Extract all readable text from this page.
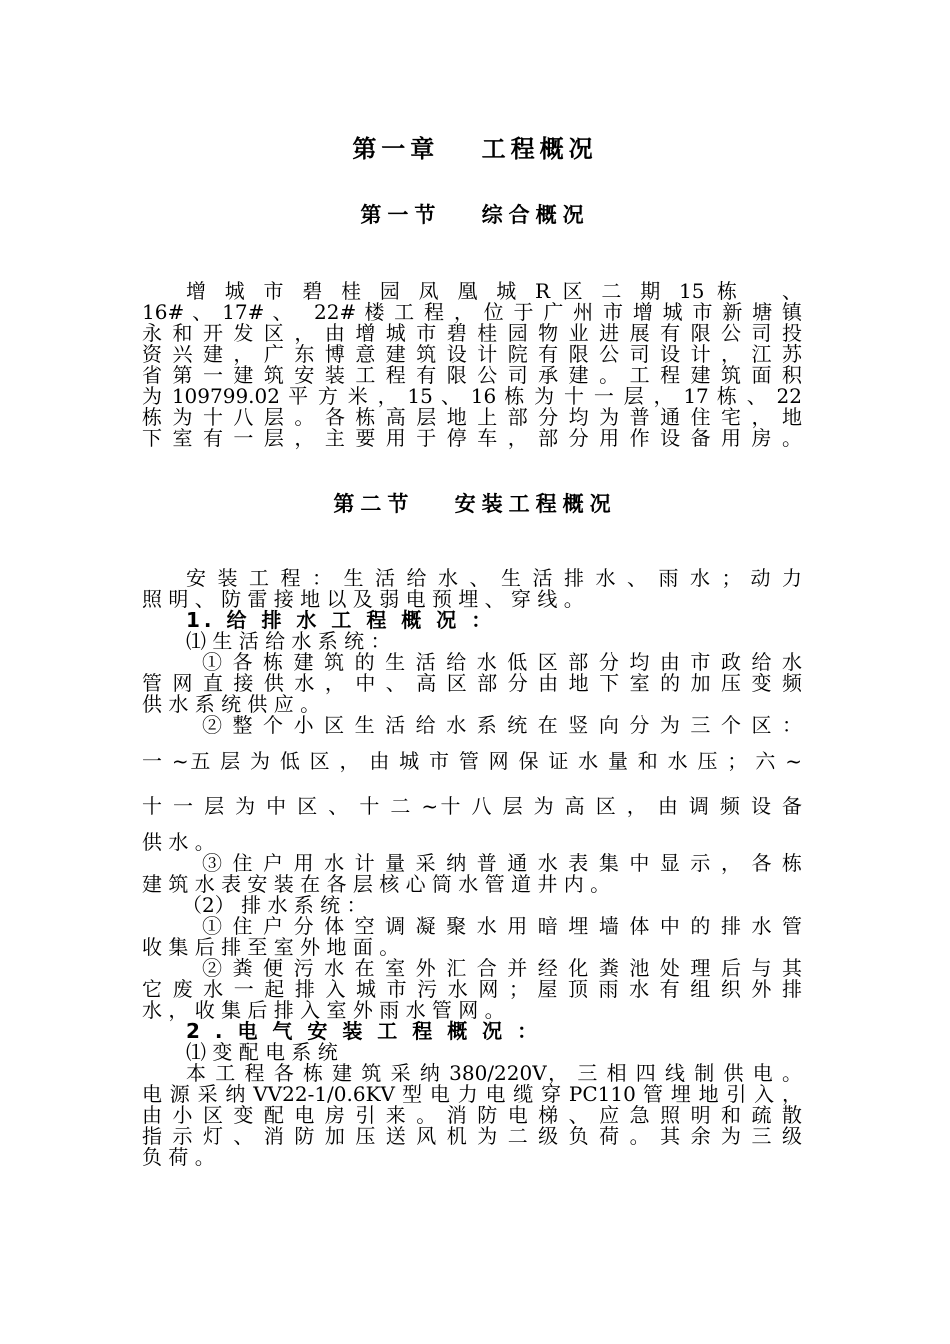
第一章　 工程概况
第一节　 综合概况
增 城 市 碧 桂 园 凤 凰 城 R 区 二 期 15 栋　 、
16# 、 17# 、　 22# 楼 工 程 ， 位 于 广 州 市 增 城 市 新 塘 镇
永 和 开 发 区 ， 由 增 城 市 碧 桂 园 物 业 进 展 有 限 公 司 投
资 兴 建 ， 广 东 博 意 建 筑 设 计 院 有 限 公 司 设 计 ， 江 苏
省 第 一 建 筑 安 装 工 程 有 限 公 司 承 建 。 工 程 建 筑 面 积
为 109799.02 平 方 米 ， 15 、 16 栋 为 十 一 层 ， 17 栋 、 22
栋 为 十 八 层 。 各 栋 高 层 地 上 部 分 均 为 普 通 住 宅 ， 地
下 室 有 一 层 ， 主 要 用 于 停 车 ， 部 分 用 作 设 备 用 房 。
第二节　 安装工程概况
安 装 工 程 ： 生 活 给 水 、 生 活 排 水 、 雨 水 ； 动 力
照 明 、 防 雷 接 地 以 及 弱 电 预 埋 、 穿 线 。
1. 给 排 水 工 程 概 况 ：
⑴ 生 活 给 水 系 统 ：
① 各 栋 建 筑 的 生 活 给 水 低 区 部 分 均 由 市 政 给 水
管 网 直 接 供 水 ， 中 、 高 区 部 分 由 地 下 室 的 加 压 变 频
供 水 系 统 供 应 。
② 整 个 小 区 生 活 给 水 系 统 在 竖 向 分 为 三 个 区 ：
一 ~五 层 为 低 区 ， 由 城 市 管 网 保 证 水 量 和 水 压 ； 六 ~
十 一 层 为 中 区 、 十 二 ~十 八 层 为 高 区 ， 由 调 频 设 备
供 水 。
③ 住 户 用 水 计 量 采 纳 普 通 水 表 集 中 显 示 ， 各 栋
建 筑 水 表 安 装 在 各 层 核 心 筒 水 管 道 井 内 。
（2） 排 水 系 统 ：
① 住 户 分 体 空 调 凝 聚 水 用 暗 埋 墙 体 中 的 排 水 管
收 集 后 排 至 室 外 地 面 。
② 粪 便 污 水 在 室 外 汇 合 并 经 化 粪 池 处 理 后 与 其
它 废 水 一 起 排 入 城 市 污 水 网 ； 屋 顶 雨 水 有 组 织 外 排
水 ， 收 集 后 排 入 室 外 雨 水 管 网 。
2 . 电 气 安 装 工 程 概 况 ：
⑴ 变 配 电 系 统
本 工 程 各 栋 建 筑 采 纳 380/220V， 三 相 四 线 制 供 电 。
电 源 采 纳 VV22-1/0.6KV 型 电 力 电 缆 穿 PC110 管 埋 地 引 入 ，
由 小 区 变 配 电 房 引 来 。 消 防 电 梯 、 应 急 照 明 和 疏 散
指 示 灯 、 消 防 加 压 送 风 机 为 二 级 负 荷 。 其 余 为 三 级
负 荷 。
